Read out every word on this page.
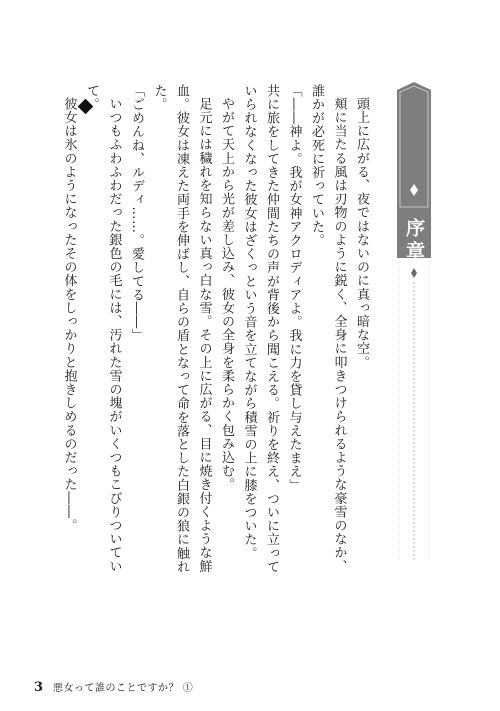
序章

頭上に広がる、夜ではないのに真っ暗な空。

頬に当たる風は刃物のように鋭く、全身に叩きつけられるような豪雪のなか、誰かが必死に祈っていた。

「――神よ。我が女神アクロディアよ。我に力を貸し与えたまえ」

共に旅をしてきた仲間たちの声が背後から聞こえる。祈りを終え、ついに立っていられなくなった彼女はざくっという音を立てながら積雪の上に膝をついた。

やがて天上から光が差し込み、彼女の全身を柔らかく包み込む。

足元には穢れを知らない真っ白な雪。その上に広がる、目に焼き付くような鮮血。彼女は凍えた両手を伸ばし、自らの盾となって命を落とした白銀の狼に触れた。

「ごめんね、ルディ……。愛してる――」

いつもふわふわだった銀色の毛には、汚れた雪の塊がいくつもこびりついていて。

彼女は氷のようになったその体をしっかりと抱きしめるのだった――。

3 悪女って誰のことですか？ ①
